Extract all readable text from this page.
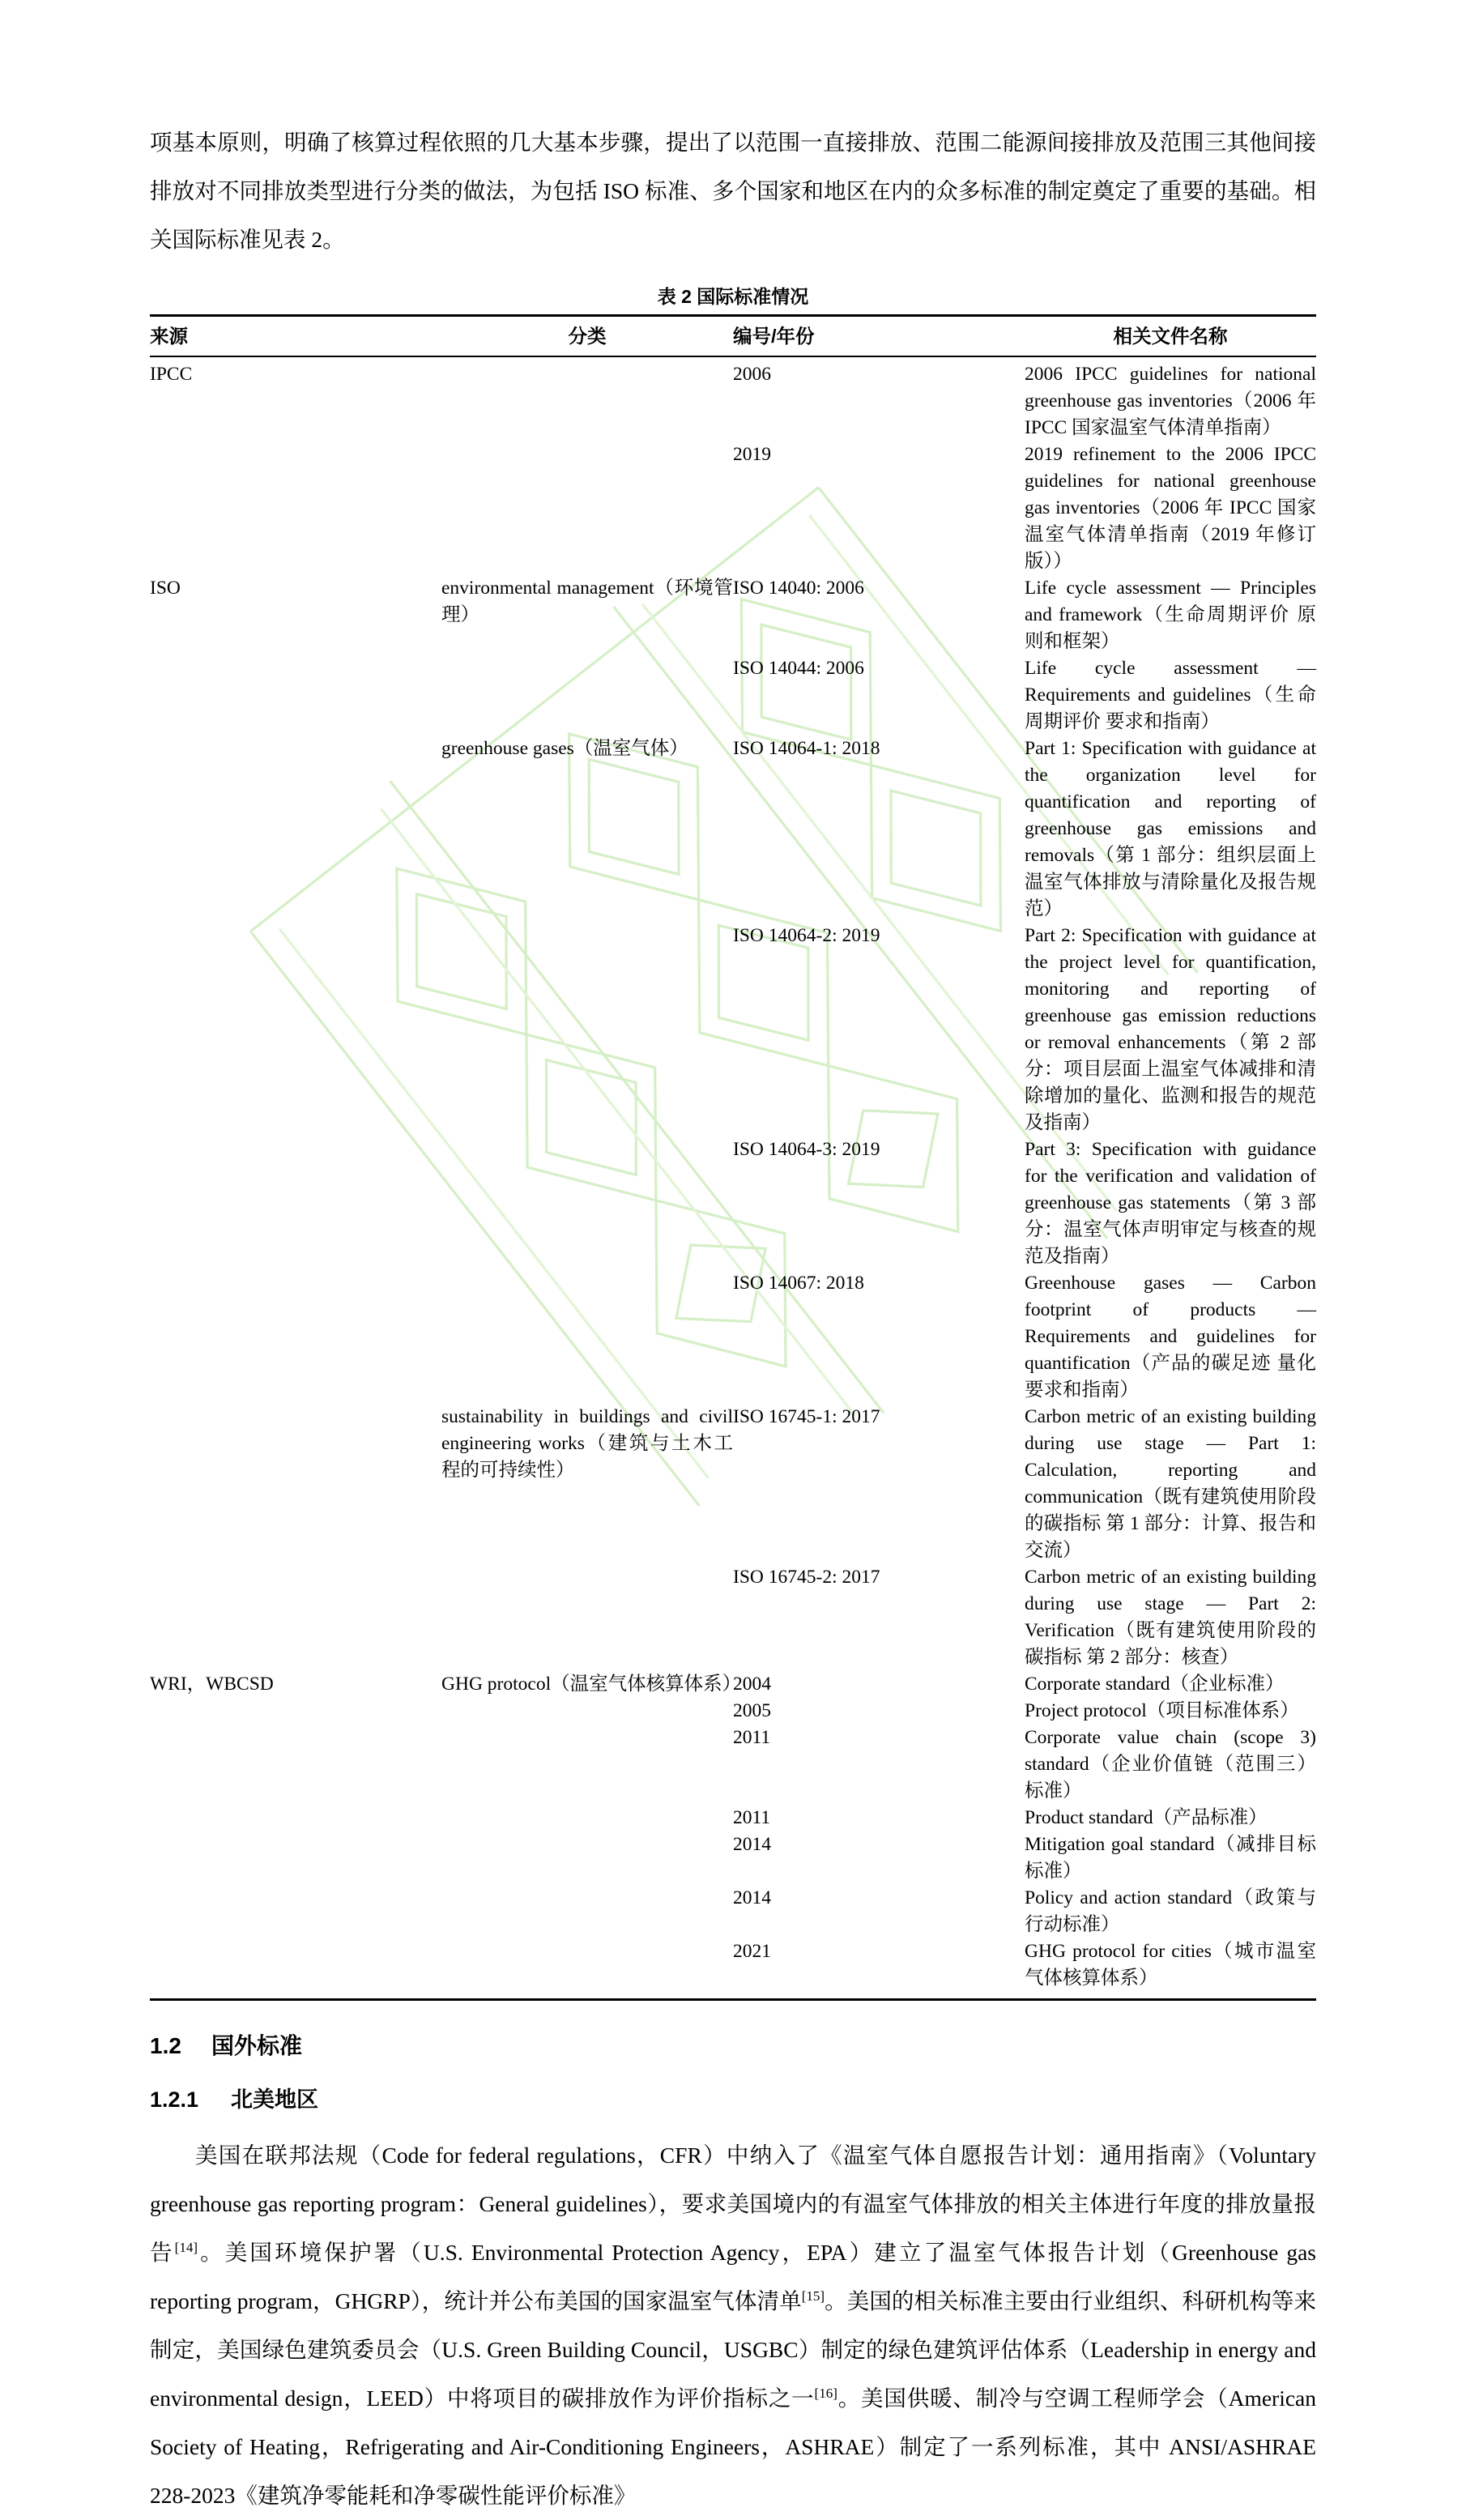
项基本原则，明确了核算过程依照的几大基本步骤，提出了以范围一直接排放、范围二能源间接排放及范围三其他间接排放对不同排放类型进行分类的做法，为包括 ISO 标准、多个国家和地区在内的众多标准的制定奠定了重要的基础。相关国际标准见表 2。

表 2 国际标准情况
来源	分类	编号/年份	相关文件名称
IPCC		2006	2006 IPCC guidelines for national greenhouse gas inventories（2006 年 IPCC 国家温室气体清单指南）
		2019	2019 refinement to the 2006 IPCC guidelines for national greenhouse gas inventories（2006 年 IPCC 国家温室气体清单指南（2019 年修订版））
ISO	environmental management（环境管理）	ISO 14040: 2006	Life cycle assessment — Principles and framework（生命周期评价 原则和框架）
		ISO 14044: 2006	Life cycle assessment — Requirements and guidelines（生命周期评价 要求和指南）
	greenhouse gases（温室气体）	ISO 14064-1: 2018	Part 1: Specification with guidance at the organization level for quantification and reporting of greenhouse gas emissions and removals（第 1 部分：组织层面上温室气体排放与清除量化及报告规范）
		ISO 14064-2: 2019	Part 2: Specification with guidance at the project level for quantification, monitoring and reporting of greenhouse gas emission reductions or removal enhancements（第 2 部分：项目层面上温室气体减排和清除增加的量化、监测和报告的规范及指南）
		ISO 14064-3: 2019	Part 3: Specification with guidance for the verification and validation of greenhouse gas statements（第 3 部分：温室气体声明审定与核查的规范及指南）
		ISO 14067: 2018	Greenhouse gases — Carbon footprint of products — Requirements and guidelines for quantification（产品的碳足迹 量化要求和指南）
	sustainability in buildings and civil engineering works（建筑与土木工程的可持续性）	ISO 16745-1: 2017	Carbon metric of an existing building during use stage — Part 1: Calculation, reporting and communication（既有建筑使用阶段的碳指标 第 1 部分：计算、报告和交流）
		ISO 16745-2: 2017	Carbon metric of an existing building during use stage — Part 2: Verification（既有建筑使用阶段的碳指标 第 2 部分：核查）
WRI，WBCSD	GHG protocol（温室气体核算体系）	2004	Corporate standard（企业标准）
		2005	Project protocol（项目标准体系）
		2011	Corporate value chain (scope 3) standard（企业价值链（范围三）标准）
		2011	Product standard（产品标准）
		2014	Mitigation goal standard（减排目标标准）
		2014	Policy and action standard（政策与行动标准）
		2021	GHG protocol for cities（城市温室气体核算体系）
1.2 国外标准
1.2.1 北美地区

美国在联邦法规（Code for federal regulations，CFR）中纳入了《温室气体自愿报告计划：通用指南》（Voluntary greenhouse gas reporting program：General guidelines），要求美国境内的有温室气体排放的相关主体进行年度的排放量报告[14]。美国环境保护署（U.S. Environmental Protection Agency，EPA）建立了温室气体报告计划（Greenhouse gas reporting program，GHGRP），统计并公布美国的国家温室气体清单[15]。美国的相关标准主要由行业组织、科研机构等来制定，美国绿色建筑委员会（U.S. Green Building Council，USGBC）制定的绿色建筑评估体系（Leadership in energy and environmental design，LEED）中将项目的碳排放作为评价指标之一[16]。美国供暖、制冷与空调工程师学会（American Society of Heating，Refrigerating and Air-Conditioning Engineers，ASHRAE）制定了一系列标准，其中 ANSI/ASHRAE 228-2023《建筑净零能耗和净零碳性能评价标准》
